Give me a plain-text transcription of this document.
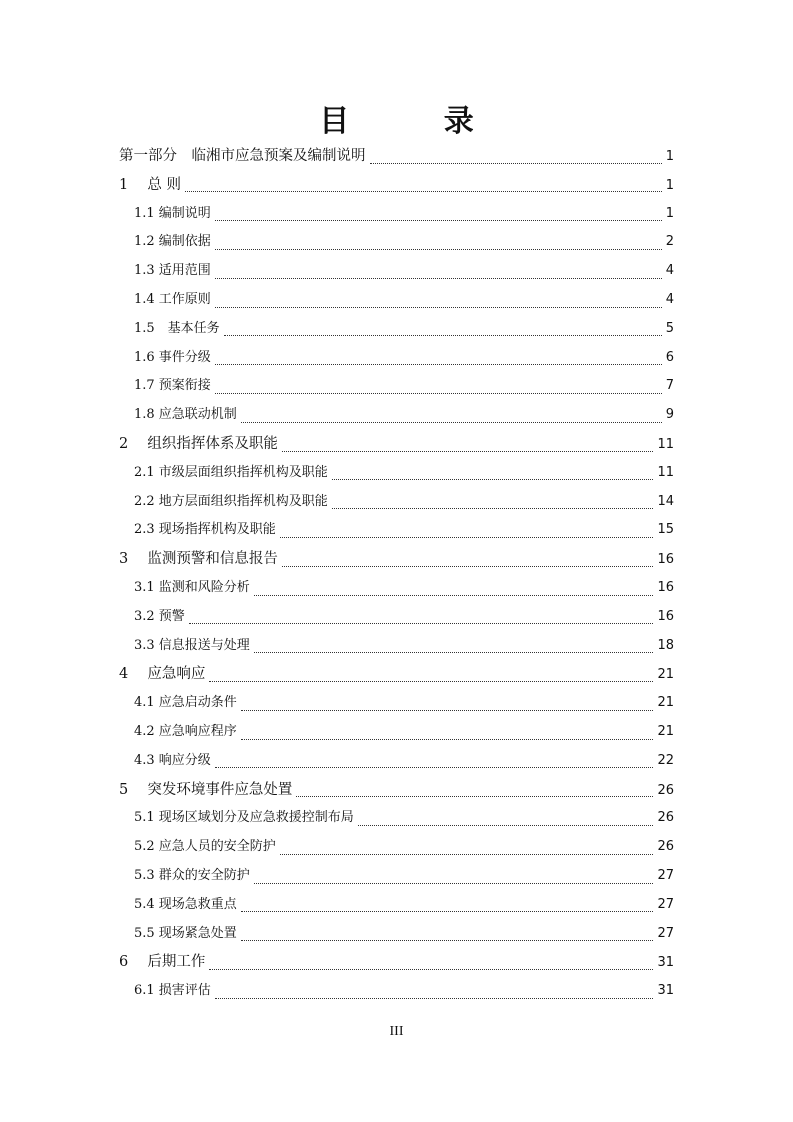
目 录
第一部分　临湘市应急预案及编制说明	1
1　 总 则	1
1.1 编制说明	1
1.2 编制依据	2
1.3 适用范围	4
1.4 工作原则	4
1.5　基本任务	5
1.6 事件分级	6
1.7 预案衔接	7
1.8 应急联动机制	9
2　 组织指挥体系及职能	11
2.1 市级层面组织指挥机构及职能	11
2.2 地方层面组织指挥机构及职能	14
2.3 现场指挥机构及职能	15
3　 监测预警和信息报告	16
3.1 监测和风险分析	16
3.2 预警	16
3.3 信息报送与处理	18
4　 应急响应	21
4.1 应急启动条件	21
4.2 应急响应程序	21
4.3 响应分级	22
5　 突发环境事件应急处置	26
5.1 现场区域划分及应急救援控制布局	26
5.2 应急人员的安全防护	26
5.3 群众的安全防护	27
5.4 现场急救重点	27
5.5 现场紧急处置	27
6　 后期工作	31
6.1 损害评估	31
III
